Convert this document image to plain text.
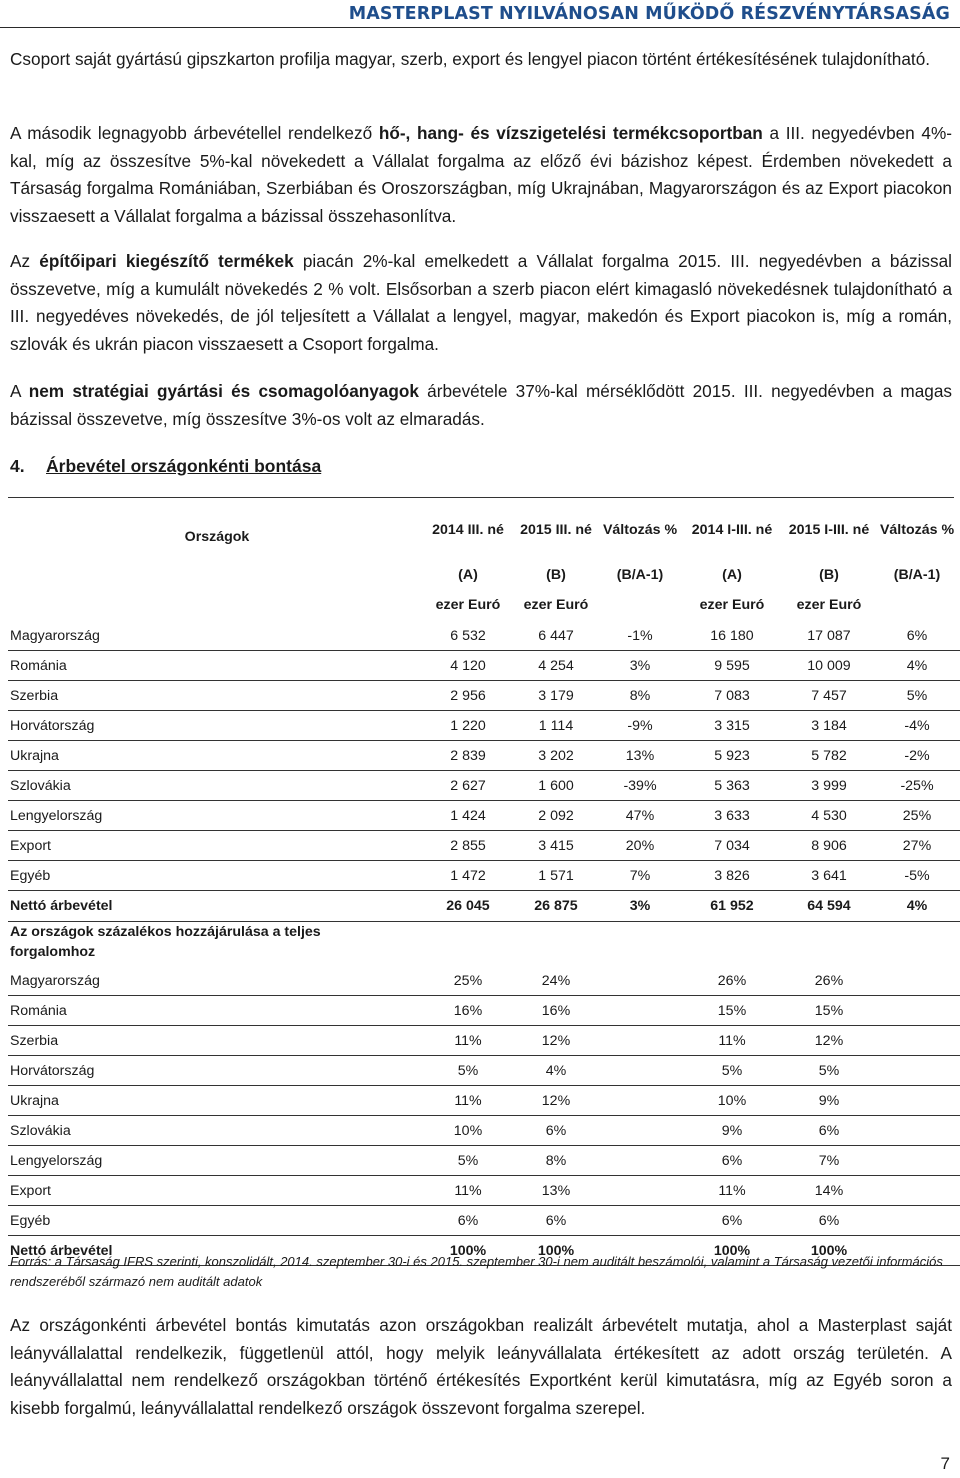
MASTERPLAST NYILVÁNOSAN MŰKÖDŐ RÉSZVÉNYTÁRSASÁG

Csoport saját gyártású gipszkarton profilja magyar, szerb, export és lengyel piacon történt értékesítésének tulajdonítható.

A második legnagyobb árbevétellel rendelkező hő-, hang- és vízszigetelési termékcsoportban a III. negyedévben 4%-kal, míg az összesítve 5%-kal növekedett a Vállalat forgalma az előző évi bázishoz képest. Érdemben növekedett a Társaság forgalma Romániában, Szerbiában és Oroszországban, míg Ukrajnában, Magyarországon és az Export piacokon visszaesett a Vállalat forgalma a bázissal összehasonlítva.

Az építőipari kiegészítő termékek piacán 2%-kal emelkedett a Vállalat forgalma 2015. III. negyedévben a bázissal összevetve, míg a kumulált növekedés 2 % volt. Elsősorban a szerb piacon elért kimagasló növekedésnek tulajdonítható a III. negyedéves növekedés, de jól teljesített a Vállalat a lengyel, magyar, makedón és Export piacokon is, míg a román, szlovák és ukrán piacon visszaesett a Csoport forgalma.

A nem stratégiai gyártási és csomagolóanyagok árbevétele 37%-kal mérséklődött 2015. III. negyedévben a magas bázissal összevetve, míg összesítve 3%-os volt az elmaradás.

4. Árbevétel országonkénti bontása
Országok	2014 III. né	2015 III. né	Változás %	2014 I-III. né	2015 I-III. né	Változás %
	(A)	(B)	(B/A-1)	(A)	(B)	(B/A-1)
	ezer Euró	ezer Euró		ezer Euró	ezer Euró	
Magyarország	6 532	6 447	-1%	16 180	17 087	6%
Románia	4 120	4 254	3%	9 595	10 009	4%
Szerbia	2 956	3 179	8%	7 083	7 457	5%
Horvátország	1 220	1 114	-9%	3 315	3 184	-4%
Ukrajna	2 839	3 202	13%	5 923	5 782	-2%
Szlovákia	2 627	1 600	-39%	5 363	3 999	-25%
Lengyelország	1 424	2 092	47%	3 633	4 530	25%
Export	2 855	3 415	20%	7 034	8 906	27%
Egyéb	1 472	1 571	7%	3 826	3 641	-5%
Nettó árbevétel	26 045	26 875	3%	61 952	64 594	4%
Az országok százalékos hozzájárulása a teljes
forgalomhoz						
Magyarország	25%	24%		26%	26%	
Románia	16%	16%		15%	15%	
Szerbia	11%	12%		11%	12%	
Horvátország	5%	4%		5%	5%	
Ukrajna	11%	12%		10%	9%	
Szlovákia	10%	6%		9%	6%	
Lengyelország	5%	8%		6%	7%	
Export	11%	13%		11%	14%	
Egyéb	6%	6%		6%	6%	
Nettó árbevétel	100%	100%		100%	100%	
Forrás: a Társaság IFRS szerinti, konszolidált, 2014. szeptember 30-i és 2015. szeptember 30-i nem auditált beszámolói, valamint a Társaság vezetői információs rendszeréből származó nem auditált adatok

Az országonkénti árbevétel bontás kimutatás azon országokban realizált árbevételt mutatja, ahol a Masterplast saját leányvállalattal rendelkezik, függetlenül attól, hogy melyik leányvállalata értékesített az adott ország területén. A leányvállalattal nem rendelkező országokban történő értékesítés Exportként kerül kimutatásra, míg az Egyéb soron a kisebb forgalmú, leányvállalattal rendelkező országok összevont forgalma szerepel.

7
